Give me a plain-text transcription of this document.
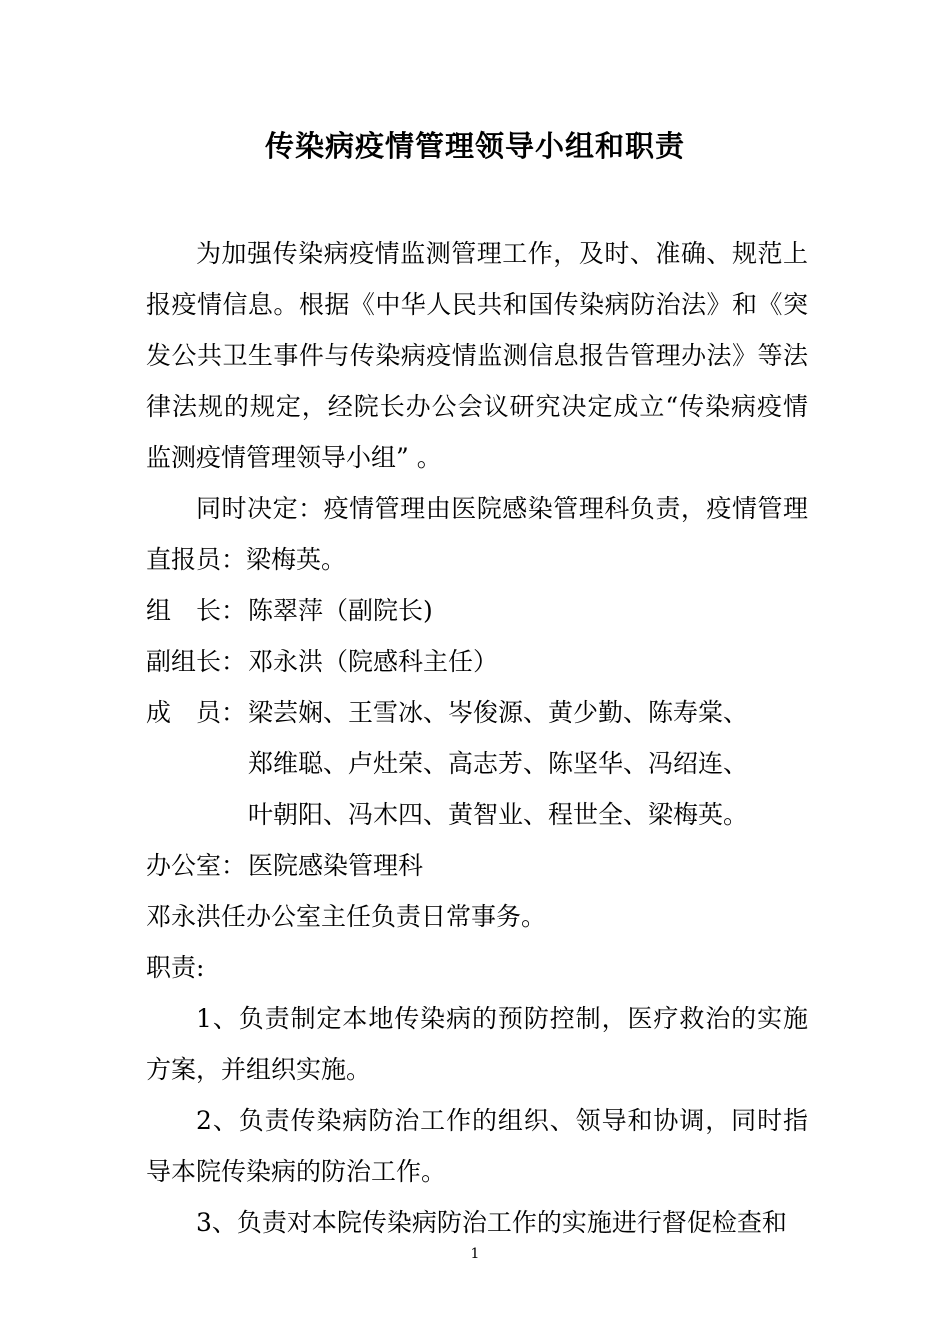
传染病疫情管理领导小组和职责

为加强传染病疫情监测管理工作，及时、准确、规范上报疫情信息。根据《中华人民共和国传染病防治法》和《突发公共卫生事件与传染病疫情监测信息报告管理办法》等法律法规的规定，经院长办公会议研究决定成立“传染病疫情监测疫情管理领导小组” 。

同时决定：疫情管理由医院感染管理科负责，疫情管理直报员：梁梅英。

组　长： 陈翠萍（副院长)
副组长： 邓永洪（院感科主任）
成　员： 梁芸娴、王雪冰、岑俊源、黄少勤、陈寿棠、
郑维聪、卢灶荣、高志芳、陈坚华、冯绍连、
叶朝阳、冯木四、黄智业、程世全、梁梅英。
办公室： 医院感染管理科

邓永洪任办公室主任负责日常事务。

职责:

1、负责制定本地传染病的预防控制，医疗救治的实施方案，并组织实施。

2、负责传染病防治工作的组织、领导和协调，同时指导本院传染病的防治工作。

3、负责对本院传染病防治工作的实施进行督促检查和

1
